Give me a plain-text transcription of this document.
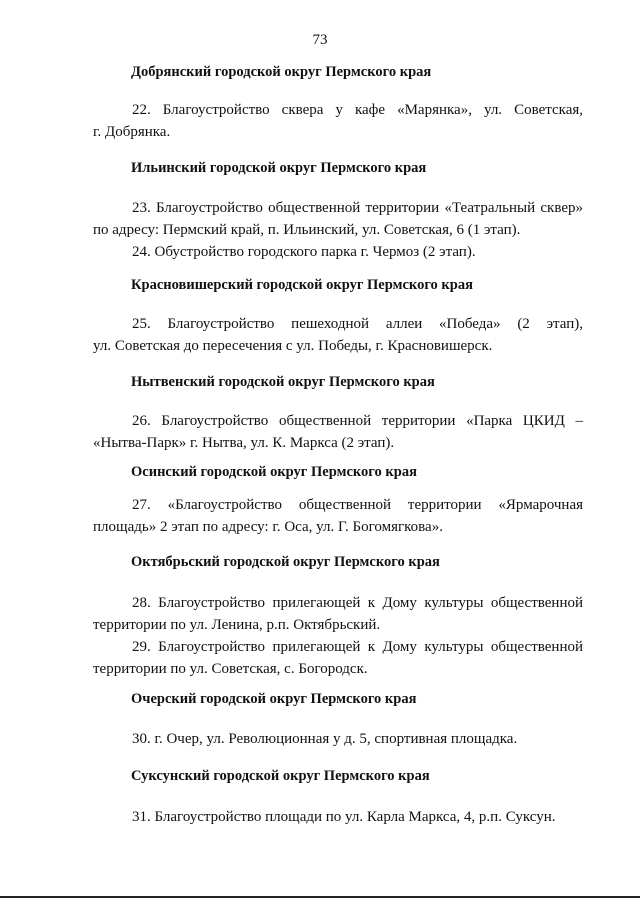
73
Добрянский городской округ Пермского края
22. Благоустройство сквера у кафе «Марянка», ул. Советская,
г. Добрянка.
Ильинский городской округ Пермского края
23. Благоустройство общественной территории «Театральный сквер»
по адресу: Пермский край, п. Ильинский, ул. Советская, 6 (1 этап).
24. Обустройство городского парка г. Чермоз (2 этап).
Красновишерский городской округ Пермского края
25. Благоустройство пешеходной аллеи «Победа» (2 этап),
ул. Советская до пересечения с ул. Победы, г. Красновишерск.
Нытвенский городской округ Пермского края
26. Благоустройство общественной территории «Парка ЦКИД –
«Нытва-Парк» г. Нытва, ул. К. Маркса (2 этап).
Осинский городской округ Пермского края
27. «Благоустройство общественной территории «Ярмарочная
площадь» 2 этап по адресу: г. Оса, ул. Г. Богомягкова».
Октябрьский городской округ Пермского края
28. Благоустройство прилегающей к Дому культуры общественной
территории по ул. Ленина, р.п. Октябрьский.
29. Благоустройство прилегающей к Дому культуры общественной
территории по ул. Советская, с. Богородск.
Очерский городской округ Пермского края
30. г. Очер, ул. Революционная у д. 5, спортивная площадка.
Суксунский городской округ Пермского края
31. Благоустройство площади по ул. Карла Маркса, 4, р.п. Суксун.
